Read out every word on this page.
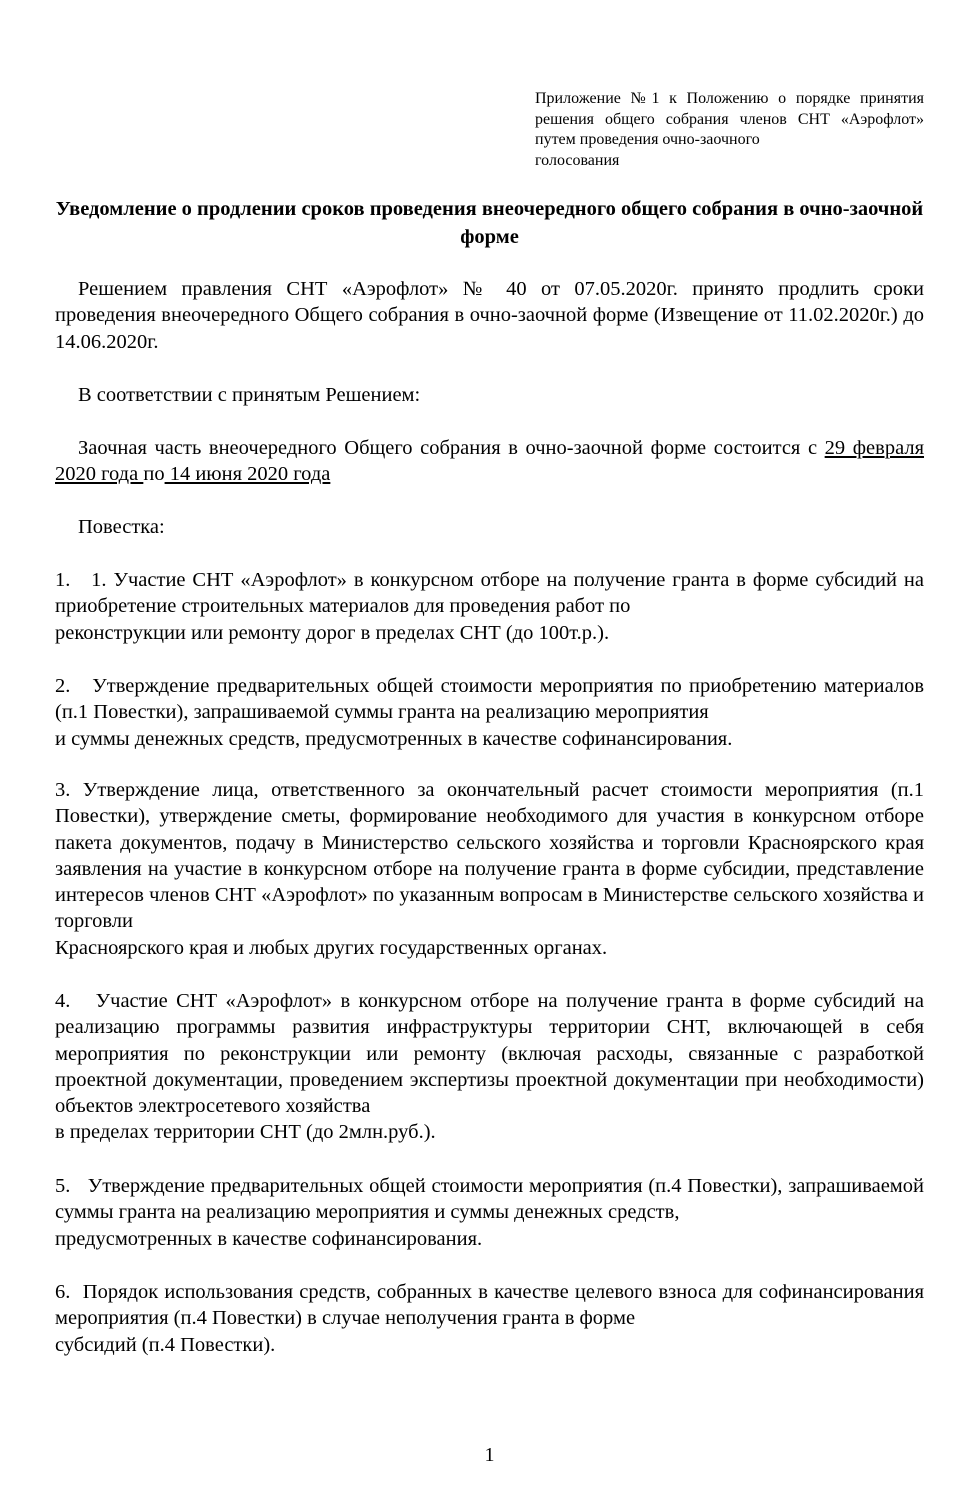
Приложение №1 к Положению о порядке принятия решения общего собрания членов СНТ «Аэрофлот» путем проведения очно-заочного
голосования
Уведомление о продлении сроков проведения внеочередного общего собрания в очно-заочной форме
Решением правления СНТ «Аэрофлот» № 40 от 07.05.2020г. принято продлить сроки проведения внеочередного Общего собрания в очно-заочной форме (Извещение от 11.02.2020г.) до 14.06.2020г.
В соответствии с принятым Решением:
Заочная часть внеочередного Общего собрания в очно-заочной форме состоится с 29 февраля 2020 года по 14 июня 2020 года
Повестка:
1. 1. Участие СНТ «Аэрофлот» в конкурсном отборе на получение гранта в форме субсидий на приобретение строительных материалов для проведения работ по
реконструкции или ремонту дорог в пределах СНТ (до 100т.р.).
2. Утверждение предварительных общей стоимости мероприятия по приобретению материалов (п.1 Повестки), запрашиваемой суммы гранта на реализацию мероприятия
и суммы денежных средств, предусмотренных в качестве софинансирования.
3. Утверждение лица, ответственного за окончательный расчет стоимости мероприятия (п.1 Повестки), утверждение сметы, формирование необходимого для участия в конкурсном отборе пакета документов, подачу в Министерство сельского хозяйства и торговли Красноярского края заявления на участие в конкурсном отборе на получение гранта в форме субсидии, представление интересов членов СНТ «Аэрофлот» по указанным вопросам в Министерстве сельского хозяйства и торговли
Красноярского края и любых других государственных органах.
4. Участие СНТ «Аэрофлот» в конкурсном отборе на получение гранта в форме субсидий на реализацию программы развития инфраструктуры территории СНТ, включающей в себя мероприятия по реконструкции или ремонту (включая расходы, связанные с разработкой проектной документации, проведением экспертизы проектной документации при необходимости) объектов электросетевого хозяйства
в пределах территории СНТ (до 2млн.руб.).
5. Утверждение предварительных общей стоимости мероприятия (п.4 Повестки), запрашиваемой суммы гранта на реализацию мероприятия и суммы денежных средств,
предусмотренных в качестве софинансирования.
6. Порядок использования средств, собранных в качестве целевого взноса для софинансирования мероприятия (п.4 Повестки) в случае неполучения гранта в форме
субсидий (п.4 Повестки).
1
